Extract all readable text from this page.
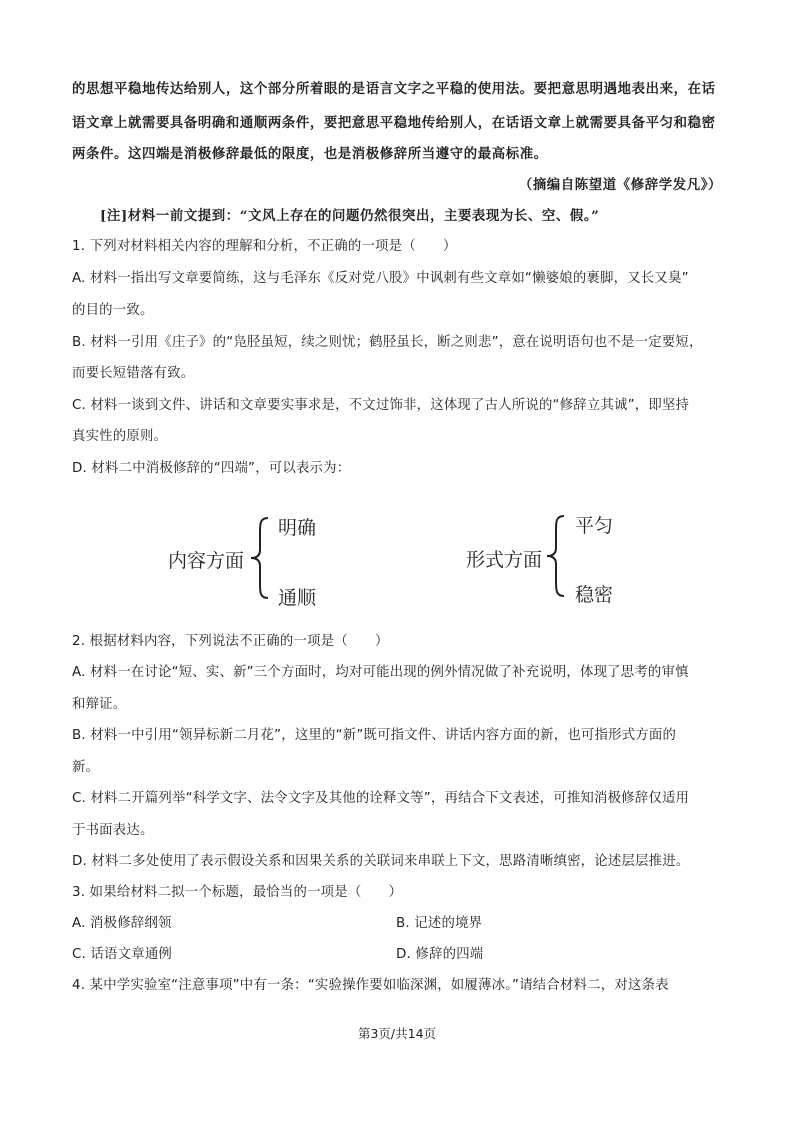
的思想平稳地传达给别人，这个部分所着眼的是语言文字之平稳的使用法。要把意思明遇地表出来，在话
语文章上就需要具备明确和通顺两条件，要把意思平稳地传给别人，在话语文章上就需要具备平匀和稳密
两条件。这四端是消极修辞最低的限度，也是消极修辞所当遵守的最高标准。
（摘编自陈望道《修辞学发凡》）
[注]材料一前文提到：“文风上存在的问题仍然很突出，主要表现为长、空、假。”
1. 下列对材料相关内容的理解和分析，不正确的一项是（　　）
A. 材料一指出写文章要简练，这与毛泽东《反对党八股》中讽刺有些文章如“懒婆娘的裹脚，又长又臭”
的目的一致。
B. 材料一引用《庄子》的“凫胫虽短，续之则忧；鹤胫虽长，断之则悲”，意在说明语句也不是一定要短，
而要长短错落有致。
C. 材料一谈到文件、讲话和文章要实事求是，不文过饰非，这体现了古人所说的“修辞立其诚”，即坚持
真实性的原则。
D. 材料二中消极修辞的“四端”，可以表示为：
内容方面
明确
通顺
形式方面
平匀
稳密
2. 根据材料内容，下列说法不正确的一项是（　　）
A. 材料一在讨论“短、实、新”三个方面时，均对可能出现的例外情况做了补充说明，体现了思考的审慎
和辩证。
B. 材料一中引用“领异标新二月花”，这里的“新”既可指文件、讲话内容方面的新，也可指形式方面的
新。
C. 材料二开篇列举“科学文字、法令文字及其他的诠释文等”，再结合下文表述，可推知消极修辞仅适用
于书面表达。
D. 材料二多处使用了表示假设关系和因果关系的关联词来串联上下文，思路清晰缜密，论述层层推进。
3. 如果给材料二拟一个标题，最恰当的一项是（　　）
A. 消极修辞纲领	B. 记述的境界
C. 话语文章通例	D. 修辞的四端
4. 某中学实验室“注意事项”中有一条：“实验操作要如临深渊，如履薄冰。”请结合材料二，对这条表
第3页/共14页
